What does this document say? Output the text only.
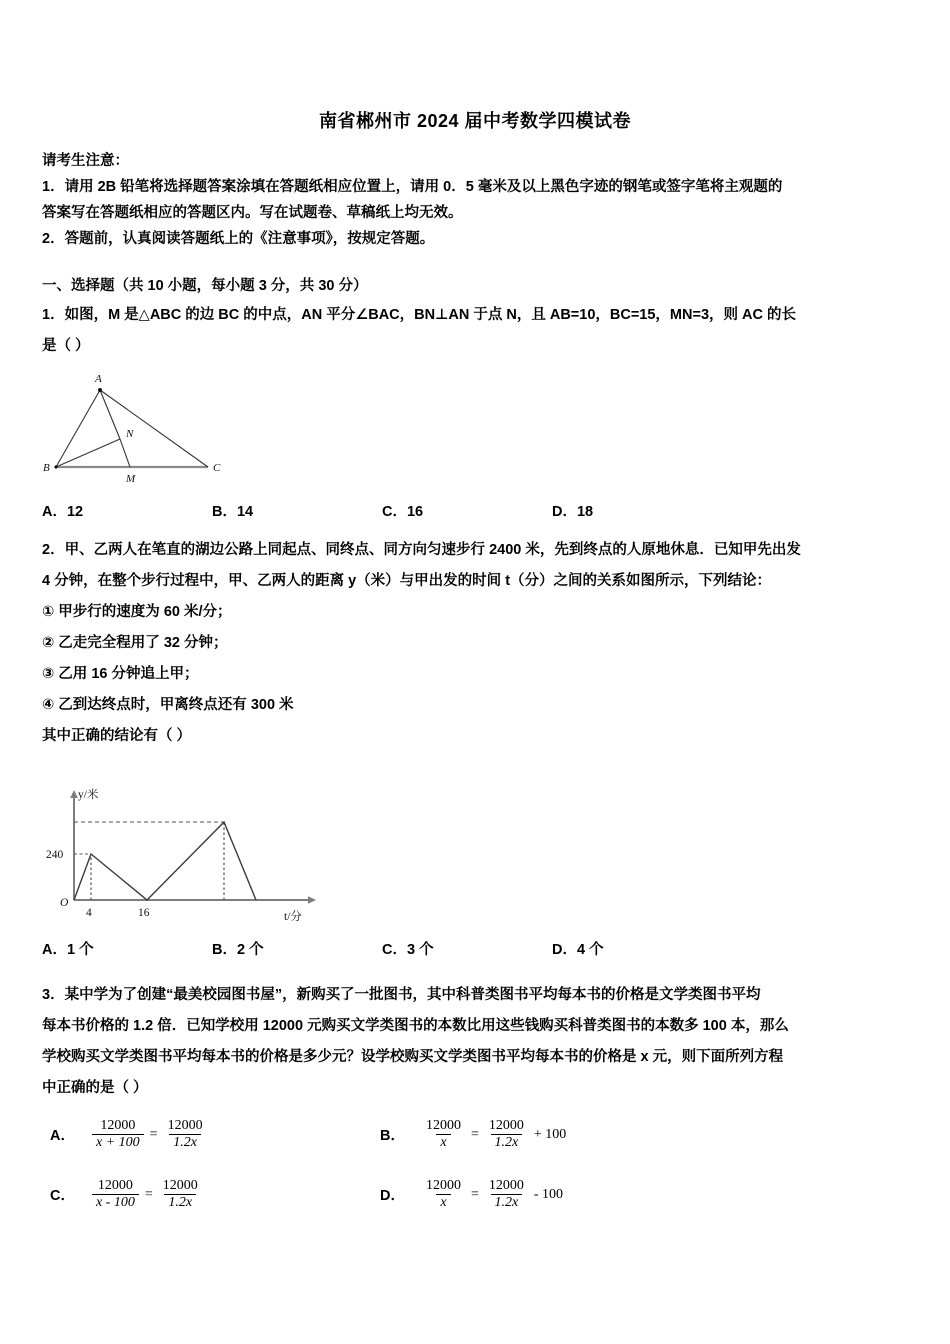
南省郴州市 2024 届中考数学四模试卷
请考生注意：
1．请用 2B 铅笔将选择题答案涂填在答题纸相应位置上，请用 0．5 毫米及以上黑色字迹的钢笔或签字笔将主观题的
答案写在答题纸相应的答题区内。写在试题卷、草稿纸上均无效。
2．答题前，认真阅读答题纸上的《注意事项》，按规定答题。
一、选择题（共 10 小题，每小题 3 分，共 30 分）
1．如图，M 是△ABC 的边 BC 的中点，AN 平分∠BAC，BN⊥AN 于点 N，且 AB=10，BC=15，MN=3，则 AC 的长
是（ ）
A
B	C
M
N
A．12	B．14	C．16	D．18
2．甲、乙两人在笔直的湖边公路上同起点、同终点、同方向匀速步行 2400 米，先到终点的人原地休息．已知甲先出发
4 分钟，在整个步行过程中，甲、乙两人的距离 y（米）与甲出发的时间 t（分）之间的关系如图所示，下列结论：
① 甲步行的速度为 60 米/分；
② 乙走完全程用了 32 分钟；
③ 乙用 16 分钟追上甲；
④ 乙到达终点时，甲离终点还有 300 米
其中正确的结论有（ ）
O
4	16
240
y/米
t/分
A．1 个	B．2 个	C．3 个	D．4 个
3．某中学为了创建“最美校园图书屋”，新购买了一批图书，其中科普类图书平均每本书的价格是文学类图书平均
每本书价格的 1.2 倍．已知学校用 12000 元购买文学类图书的本数比用这些钱购买科普类图书的本数多 100 本，那么
学校购买文学类图书平均每本书的价格是多少元？设学校购买文学类图书平均每本书的价格是 x 元，则下面所列方程
中正确的是（ ）
A． $\frac{12000}{x + 100} = \frac{12000}{1.2x}$	B． $\frac{12000}{x} = \frac{12000}{1.2x} + 100$
C． $\frac{12000}{x - 100} = \frac{12000}{1.2x}$	D． $\frac{12000}{x} = \frac{12000}{1.2x} - 100$
